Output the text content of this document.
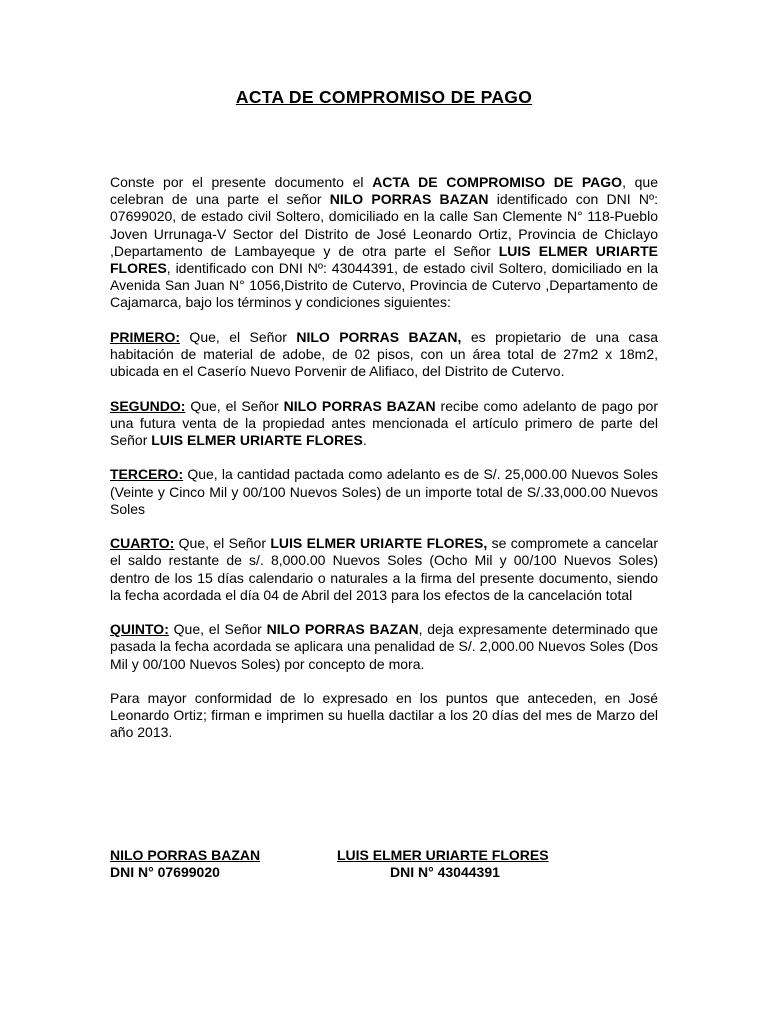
ACTA DE COMPROMISO DE PAGO

Conste por el presente documento el ACTA DE COMPROMISO DE PAGO, que celebran de una parte el señor NILO PORRAS BAZAN identificado con DNI Nº: 07699020, de estado civil Soltero, domiciliado en la calle San Clemente N° 118-Pueblo Joven Urrunaga-V Sector del Distrito de José Leonardo Ortiz, Provincia de Chiclayo ,Departamento de Lambayeque y de otra parte el Señor LUIS ELMER URIARTE FLORES, identificado con DNI Nº: 43044391, de estado civil Soltero, domiciliado en la Avenida San Juan N° 1056,Distrito de Cutervo, Provincia de Cutervo ,Departamento de Cajamarca, bajo los términos y condiciones siguientes:

PRIMERO: Que, el Señor NILO PORRAS BAZAN, es propietario de una casa habitación de material de adobe, de 02 pisos, con un área total de 27m2 x 18m2, ubicada en el Caserío Nuevo Porvenir de Alifiaco, del Distrito de Cutervo.

SEGUNDO: Que, el Señor NILO PORRAS BAZAN recibe como adelanto de pago por una futura venta de la propiedad antes mencionada el artículo primero de parte del Señor LUIS ELMER URIARTE FLORES.

TERCERO: Que, la cantidad pactada como adelanto es de S/. 25,000.00 Nuevos Soles (Veinte y Cinco Mil y 00/100 Nuevos Soles) de un importe total de S/.33,000.00 Nuevos Soles

CUARTO: Que, el Señor LUIS ELMER URIARTE FLORES, se compromete a cancelar el saldo restante de s/. 8,000.00 Nuevos Soles (Ocho Mil y 00/100 Nuevos Soles) dentro de los 15 días calendario o naturales a la firma del presente documento, siendo la fecha acordada el día 04 de Abril del 2013 para los efectos de la cancelación total

QUINTO: Que, el Señor NILO PORRAS BAZAN, deja expresamente determinado que pasada la fecha acordada se aplicara una penalidad de S/. 2,000.00 Nuevos Soles (Dos Mil y 00/100 Nuevos Soles) por concepto de mora.

Para mayor conformidad de lo expresado en los puntos que anteceden, en José Leonardo Ortiz; firman e imprimen su huella dactilar a los 20 días del mes de Marzo del año 2013.

NILO PORRAS BAZAN
DNI N° 07699020
LUIS ELMER URIARTE FLORES
DNI N° 43044391
